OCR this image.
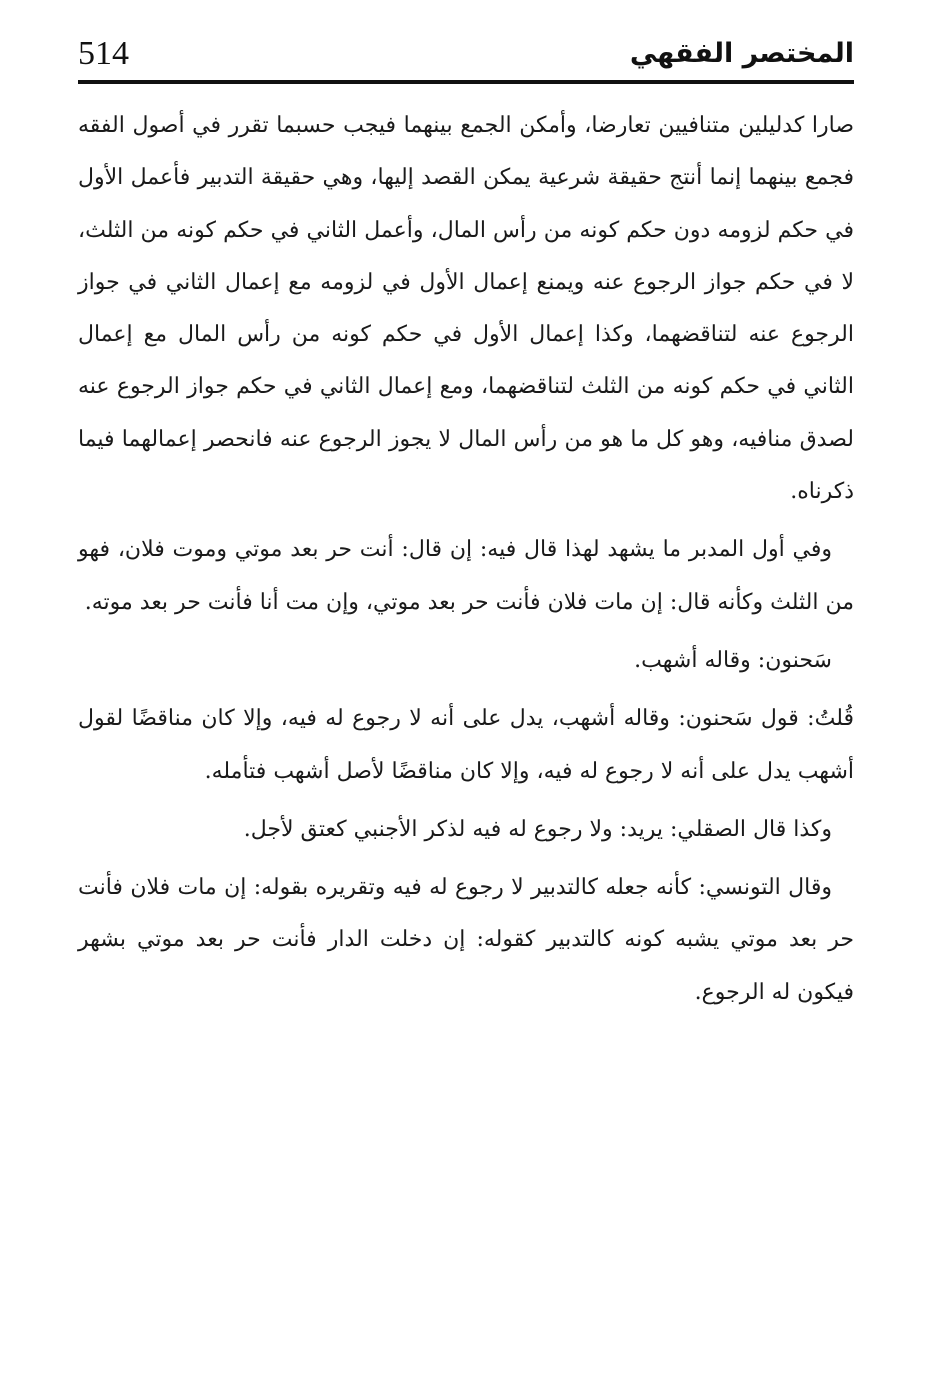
514	المختصر الفقهي

صارا كدليلين متنافيين تعارضا، وأمكن الجمع بينهما فيجب حسبما تقرر في أصول الفقه فجمع بينهما إنما أنتج حقيقة شرعية يمكن القصد إليها، وهي حقيقة التدبير فأعمل الأول في حكم لزومه دون حكم كونه من رأس المال، وأعمل الثاني في حكم كونه من الثلث، لا في حكم جواز الرجوع عنه ويمنع إعمال الأول في لزومه مع إعمال الثاني في جواز الرجوع عنه لتناقضهما، وكذا إعمال الأول في حكم كونه من رأس المال مع إعمال الثاني في حكم كونه من الثلث لتناقضهما، ومع إعمال الثاني في حكم جواز الرجوع عنه لصدق منافيه، وهو كل ما هو من رأس المال لا يجوز الرجوع عنه فانحصر إعمالهما فيما ذكرناه.

وفي أول المدبر ما يشهد لهذا قال فيه: إن قال: أنت حر بعد موتي وموت فلان، فهو من الثلث وكأنه قال: إن مات فلان فأنت حر بعد موتي، وإن مت أنا فأنت حر بعد موته.

سَحنون: وقاله أشهب.

قُلتُ: قول سَحنون: وقاله أشهب، يدل على أنه لا رجوع له فيه، وإلا كان مناقضًا لقول أشهب يدل على أنه لا رجوع له فيه، وإلا كان مناقضًا لأصل أشهب فتأمله.

وكذا قال الصقلي: يريد: ولا رجوع له فيه لذكر الأجنبي كعتق لأجل.

وقال التونسي: كأنه جعله كالتدبير لا رجوع له فيه وتقريره بقوله: إن مات فلان فأنت حر بعد موتي يشبه كونه كالتدبير كقوله: إن دخلت الدار فأنت حر بعد موتي بشهر فيكون له الرجوع.
